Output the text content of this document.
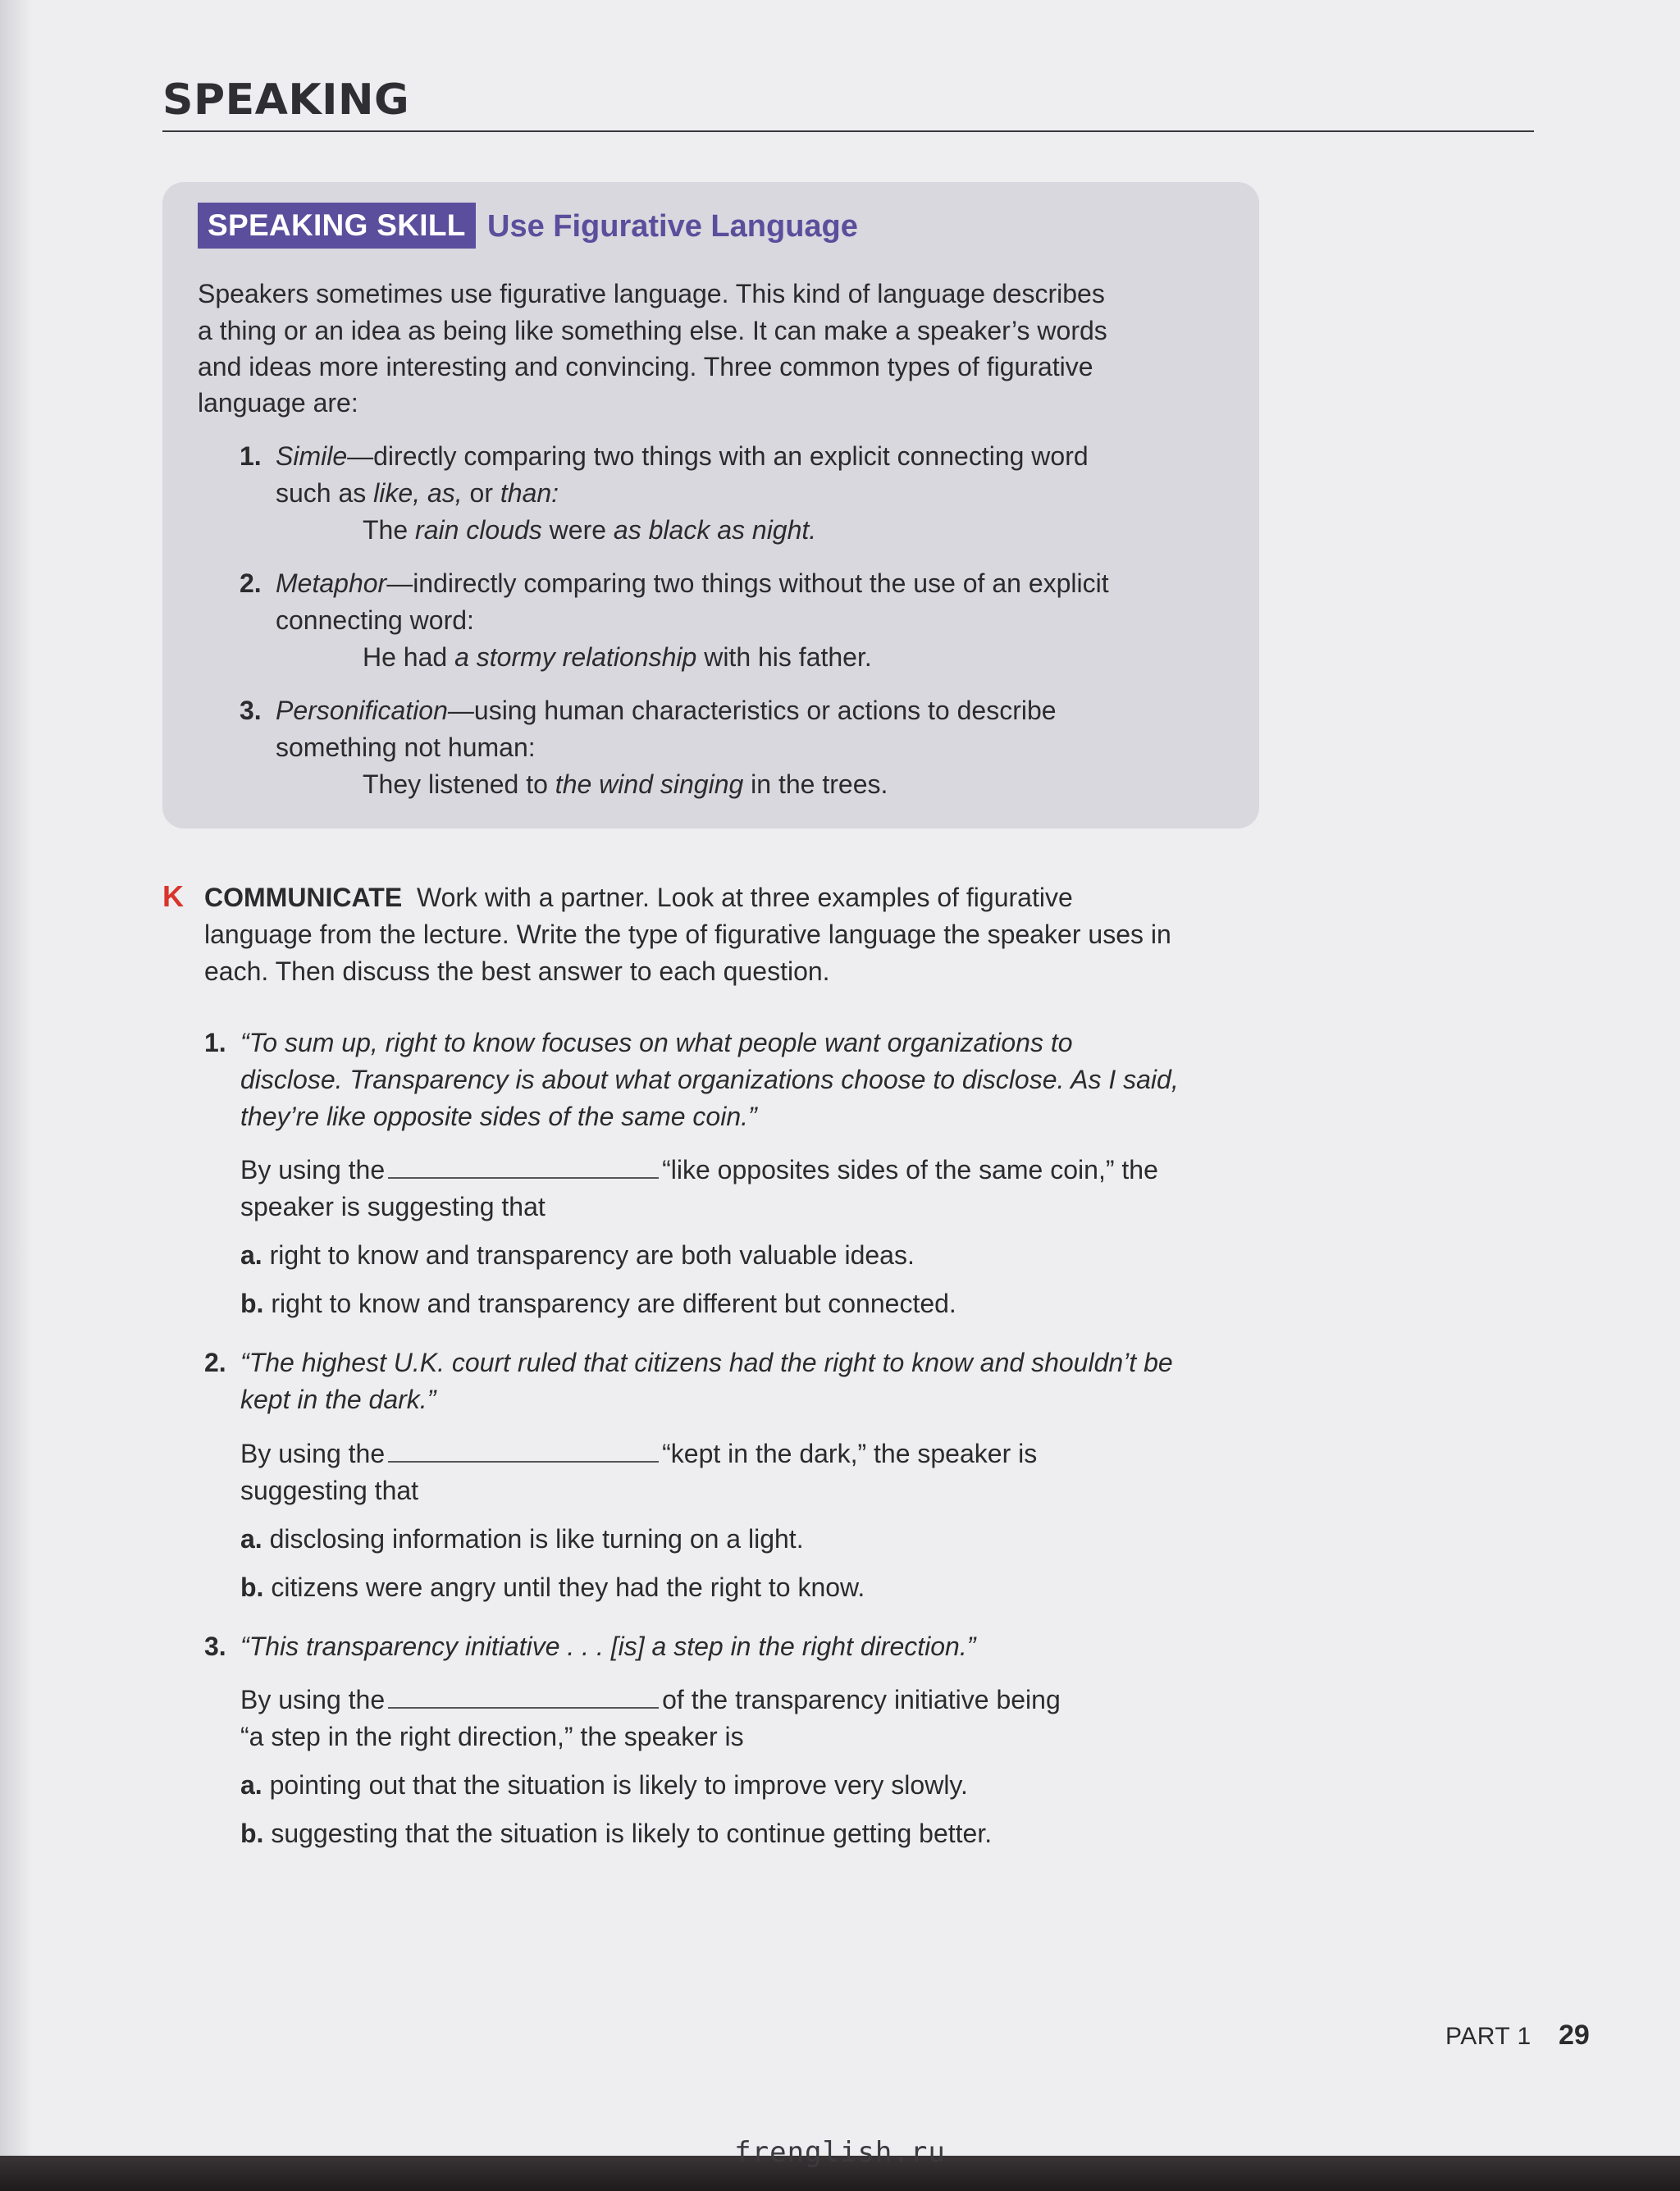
SPEAKING
SPEAKING SKILL Use Figurative Language
Speakers sometimes use figurative language. This kind of language describes
a thing or an idea as being like something else. It can make a speaker’s words
and ideas more interesting and convincing. Three common types of figurative
language are:
1. Simile—directly comparing two things with an explicit connecting word
such as like, as, or than:
The rain clouds were as black as night.
2. Metaphor—indirectly comparing two things without the use of an explicit
connecting word:
He had a stormy relationship with his father.
3. Personification—using human characteristics or actions to describe
something not human:
They listened to the wind singing in the trees.
K COMMUNICATE Work with a partner. Look at three examples of figurative
language from the lecture. Write the type of figurative language the speaker uses in
each. Then discuss the best answer to each question.
1. “To sum up, right to know focuses on what people want organizations to
disclose. Transparency is about what organizations choose to disclose. As I said,
they’re like opposite sides of the same coin.”
By using the	“like opposites sides of the same coin,” the
speaker is suggesting that
a. right to know and transparency are both valuable ideas.
b. right to know and transparency are different but connected.
2. “The highest U.K. court ruled that citizens had the right to know and shouldn’t be
kept in the dark.”
By using the	“kept in the dark,” the speaker is
suggesting that
a. disclosing information is like turning on a light.
b. citizens were angry until they had the right to know.
3. “This transparency initiative . . . [is] a step in the right direction.”
By using the	of the transparency initiative being
“a step in the right direction,” the speaker is
a. pointing out that the situation is likely to improve very slowly.
b. suggesting that the situation is likely to continue getting better.
PART 1 29
frenglish.ru
